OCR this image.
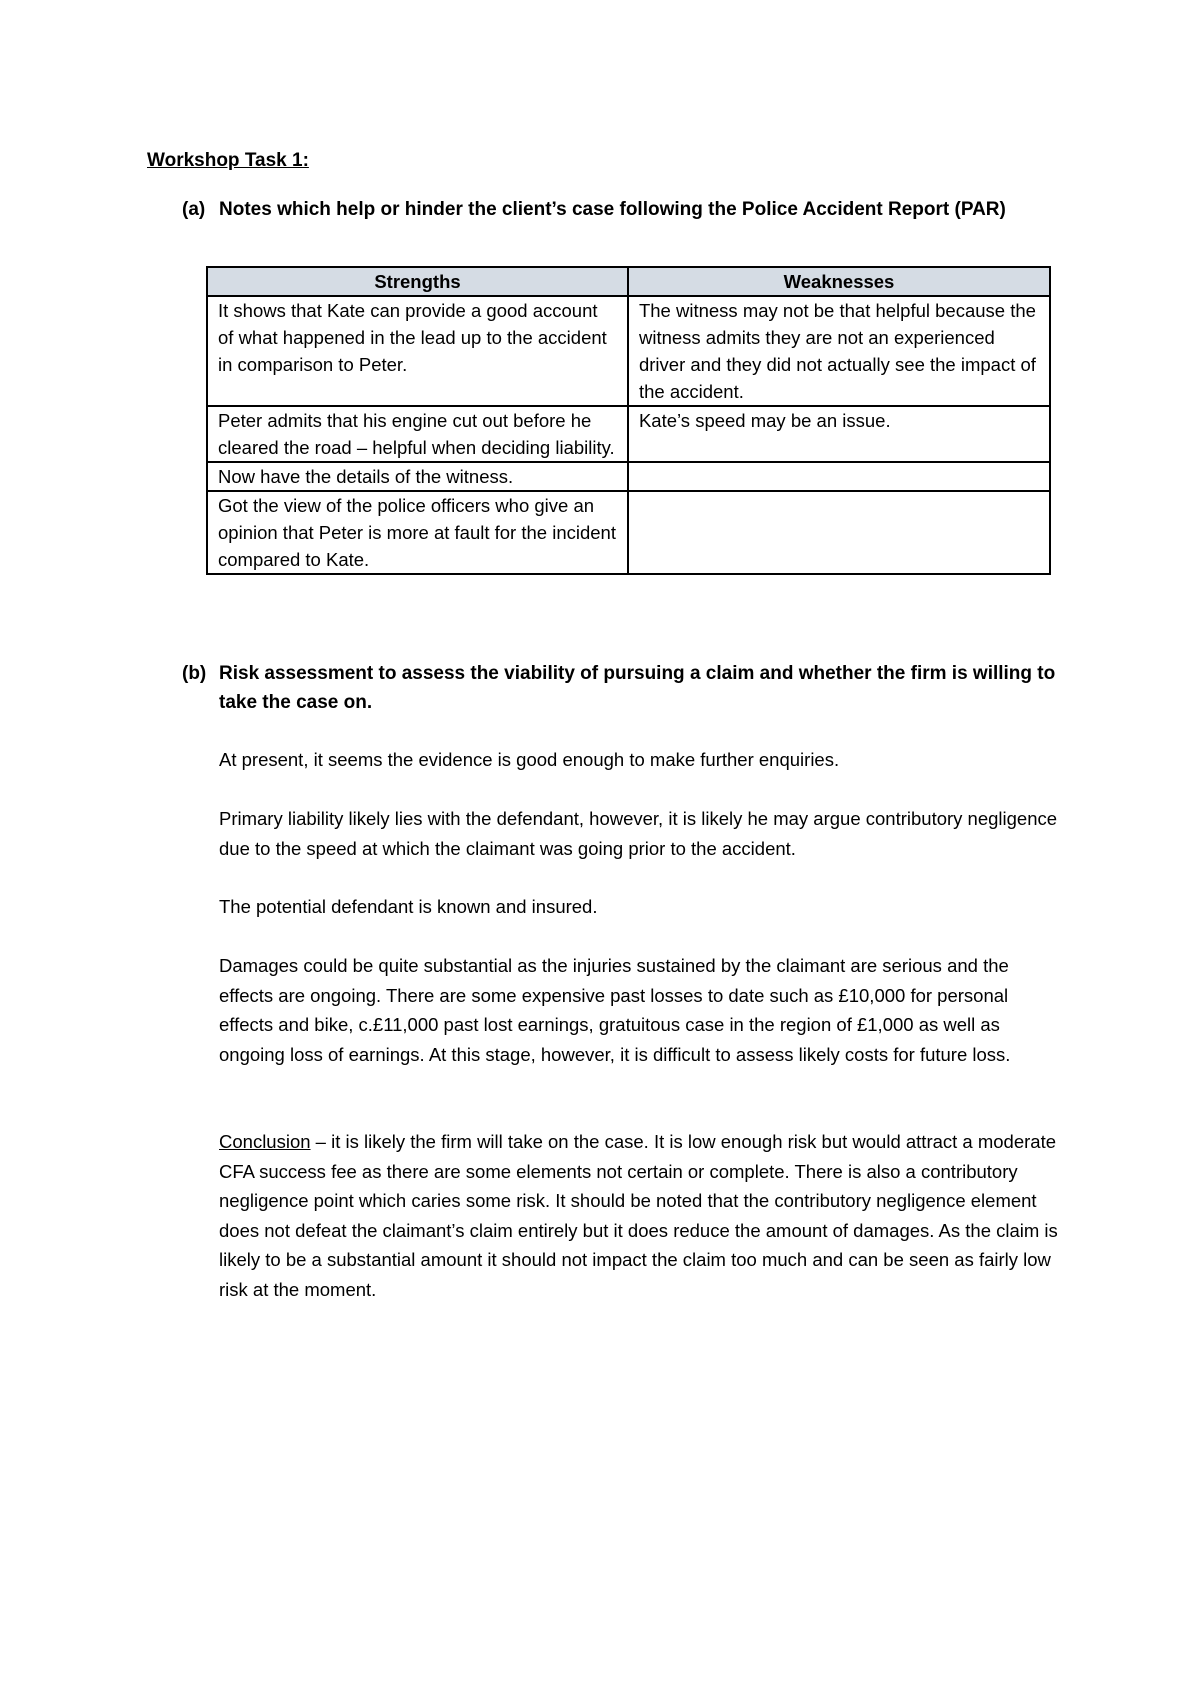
Workshop Task 1:
(a) Notes which help or hinder the client’s case following the Police Accident Report (PAR)
Strengths	Weaknesses
It shows that Kate can provide a good account of what happened in the lead up to the accident in comparison to Peter.	The witness may not be that helpful because the witness admits they are not an experienced driver and they did not actually see the impact of the accident.
Peter admits that his engine cut out before he cleared the road – helpful when deciding liability.	Kate’s speed may be an issue.
Now have the details of the witness.	
Got the view of the police officers who give an opinion that Peter is more at fault for the incident compared to Kate.	
(b) Risk assessment to assess the viability of pursuing a claim and whether the firm is willing to take the case on.

At present, it seems the evidence is good enough to make further enquiries.

Primary liability likely lies with the defendant, however, it is likely he may argue contributory negligence due to the speed at which the claimant was going prior to the accident.

The potential defendant is known and insured.

Damages could be quite substantial as the injuries sustained by the claimant are serious and the effects are ongoing. There are some expensive past losses to date such as £10,000 for personal effects and bike, c.£11,000 past lost earnings, gratuitous case in the region of £1,000 as well as ongoing loss of earnings. At this stage, however, it is difficult to assess likely costs for future loss.

Conclusion – it is likely the firm will take on the case. It is low enough risk but would attract a moderate CFA success fee as there are some elements not certain or complete. There is also a contributory negligence point which caries some risk. It should be noted that the contributory negligence element does not defeat the claimant’s claim entirely but it does reduce the amount of damages. As the claim is likely to be a substantial amount it should not impact the claim too much and can be seen as fairly low risk at the moment.
